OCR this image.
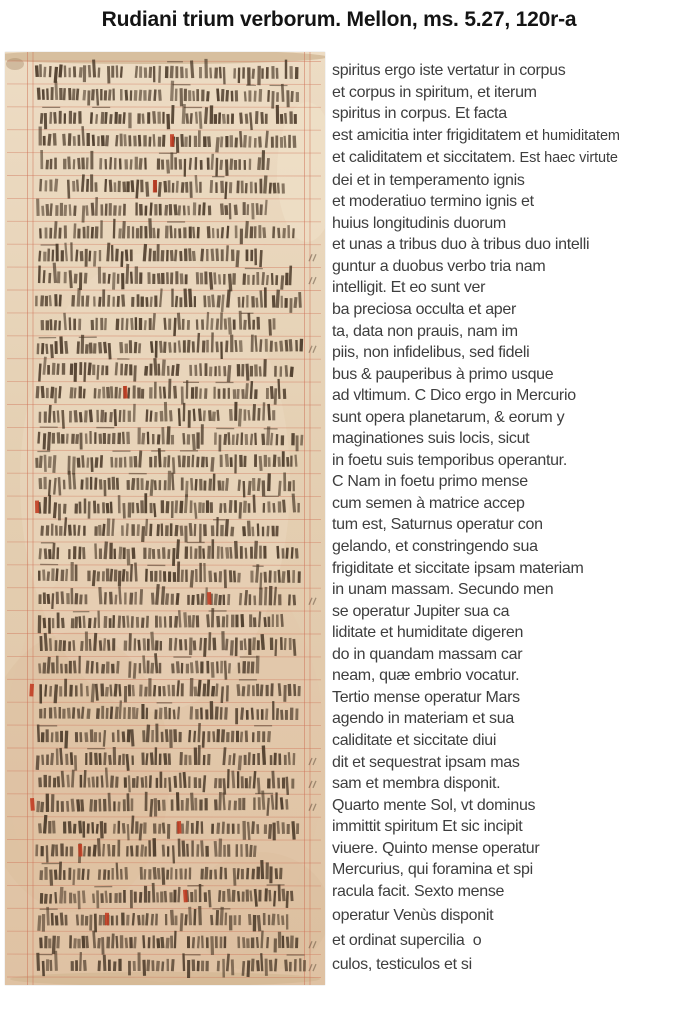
Rudiani trium verborum. Mellon, ms. 5.27, 120r-a
spiritus ergo iste vertatur in corpus
et corpus in spiritum, et iterum
spiritus in corpus. Et facta
est amicitia inter frigiditatem et humiditatem
et caliditatem et siccitatem. Est haec virtute
dei et in temperamento ignis
et moderatiuo termino ignis et
huius longitudinis duorum
et unas a tribus duo à tribus duo intelli
guntur a duobus verbo tria nam
intelligit. Et eo sunt ver
ba preciosa occulta et aper
ta, data non prauis, nam im
piis, non infidelibus, sed fideli
bus & pauperibus à primo usque
ad vltimum. C Dico ergo in Mercurio
sunt opera planetarum, & eorum y
maginationes suis locis, sicut
in foetu suis temporibus operantur.
C Nam in foetu primo mense
cum semen à matrice accep
tum est, Saturnus operatur con
gelando, et constringendo sua
frigiditate et siccitate ipsam materiam
in unam massam. Secundo men
se operatur Jupiter sua ca
liditate et humiditate digeren
do in quandam massam car
neam, quæ embrio vocatur.
Tertio mense operatur Mars
agendo in materiam et sua
caliditate et siccitate diui
dit et sequestrat ipsam mas
sam et membra disponit.
Quarto mente Sol, vt dominus
immittit spiritum Et sic incipit
viuere. Quinto mense operatur
Mercurius, qui foramina et spi
racula facit. Sexto mense
operatur Venùs disponit
et ordinat supercilia  o
culos, testiculos et si
